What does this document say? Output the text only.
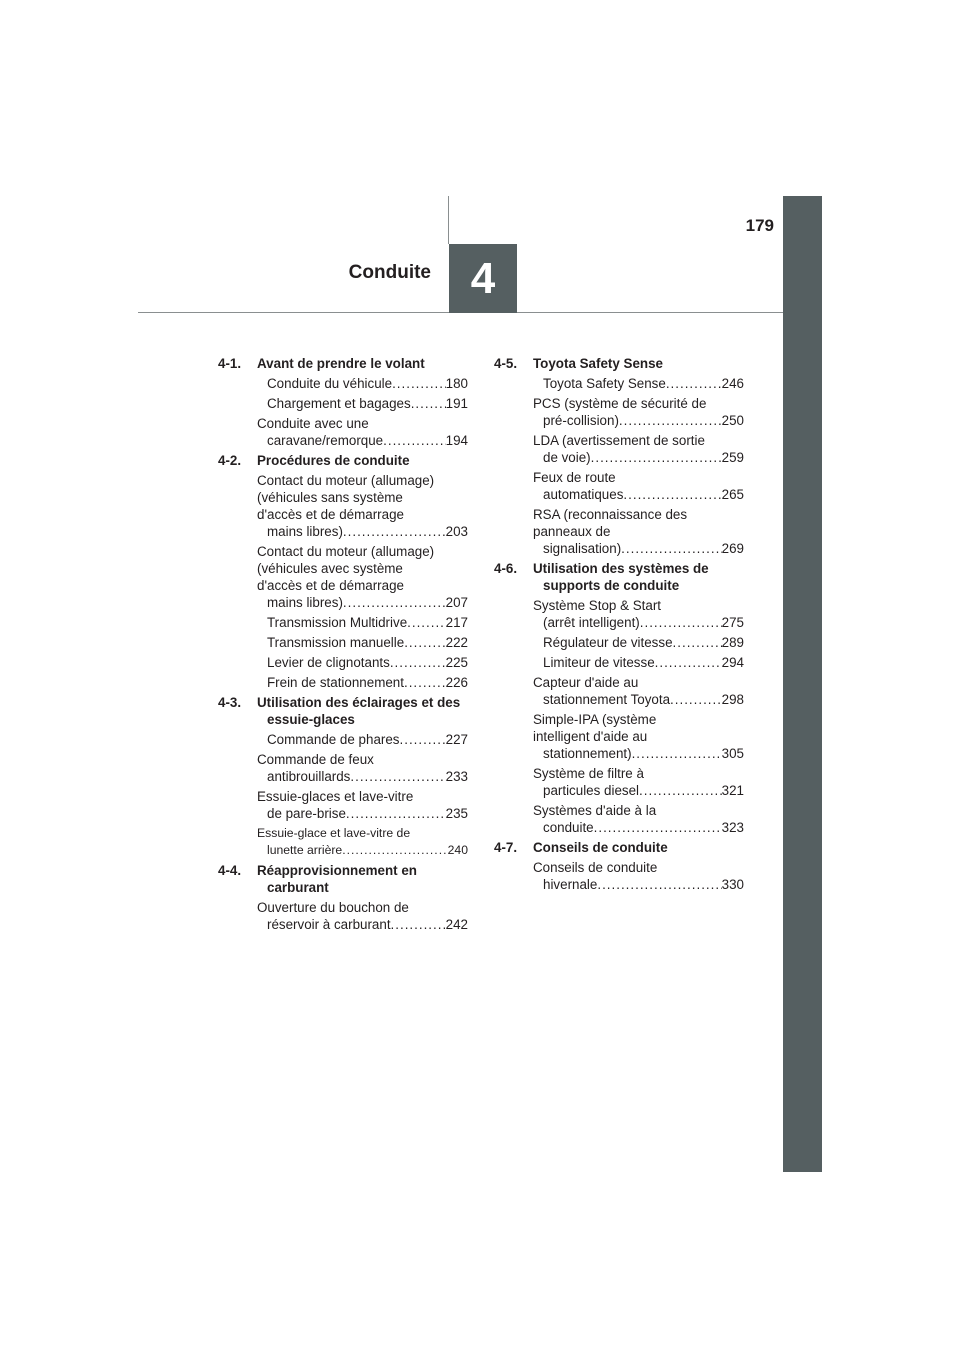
179
Conduite 4
4-1.	Avant de prendre le volant
Conduite du véhicule .....	180
Chargement et bagages .....	191
Conduite avec une
caravane/remorque .....	194
4-2.	Procédures de conduite
Contact du moteur (allumage)
(véhicules sans système
d'accès et de démarrage
mains libres) .....	203
Contact du moteur (allumage)
(véhicules avec système
d'accès et de démarrage
mains libres) .....	207
Transmission Multidrive .....	217
Transmission manuelle .....	222
Levier de clignotants .....	225
Frein de stationnement .....	226
4-3.	Utilisation des éclairages et des essuie-glaces
Commande de phares .....	227
Commande de feux
antibrouillards .....	233
Essuie-glaces et lave-vitre
de pare-brise .....	235
Essuie-glace et lave-vitre de
lunette arrière .....	240
4-4.	Réapprovisionnement en carburant
Ouverture du bouchon de
réservoir à carburant .....	242
4-5.	Toyota Safety Sense
Toyota Safety Sense .....	246
PCS (système de sécurité de
pré-collision) .....	250
LDA (avertissement de sortie
de voie) .....	259
Feux de route
automatiques .....	265
RSA (reconnaissance des
panneaux de
signalisation) .....	269
4-6.	Utilisation des systèmes de supports de conduite
Système Stop & Start
(arrêt intelligent) .....	275
Régulateur de vitesse .....	289
Limiteur de vitesse .....	294
Capteur d'aide au
stationnement Toyota .....	298
Simple-IPA (système
intelligent d'aide au
stationnement) .....	305
Système de filtre à
particules diesel .....	321
Systèmes d'aide à la
conduite .....	323
4-7.	Conseils de conduite
Conseils de conduite
hivernale .....	330
